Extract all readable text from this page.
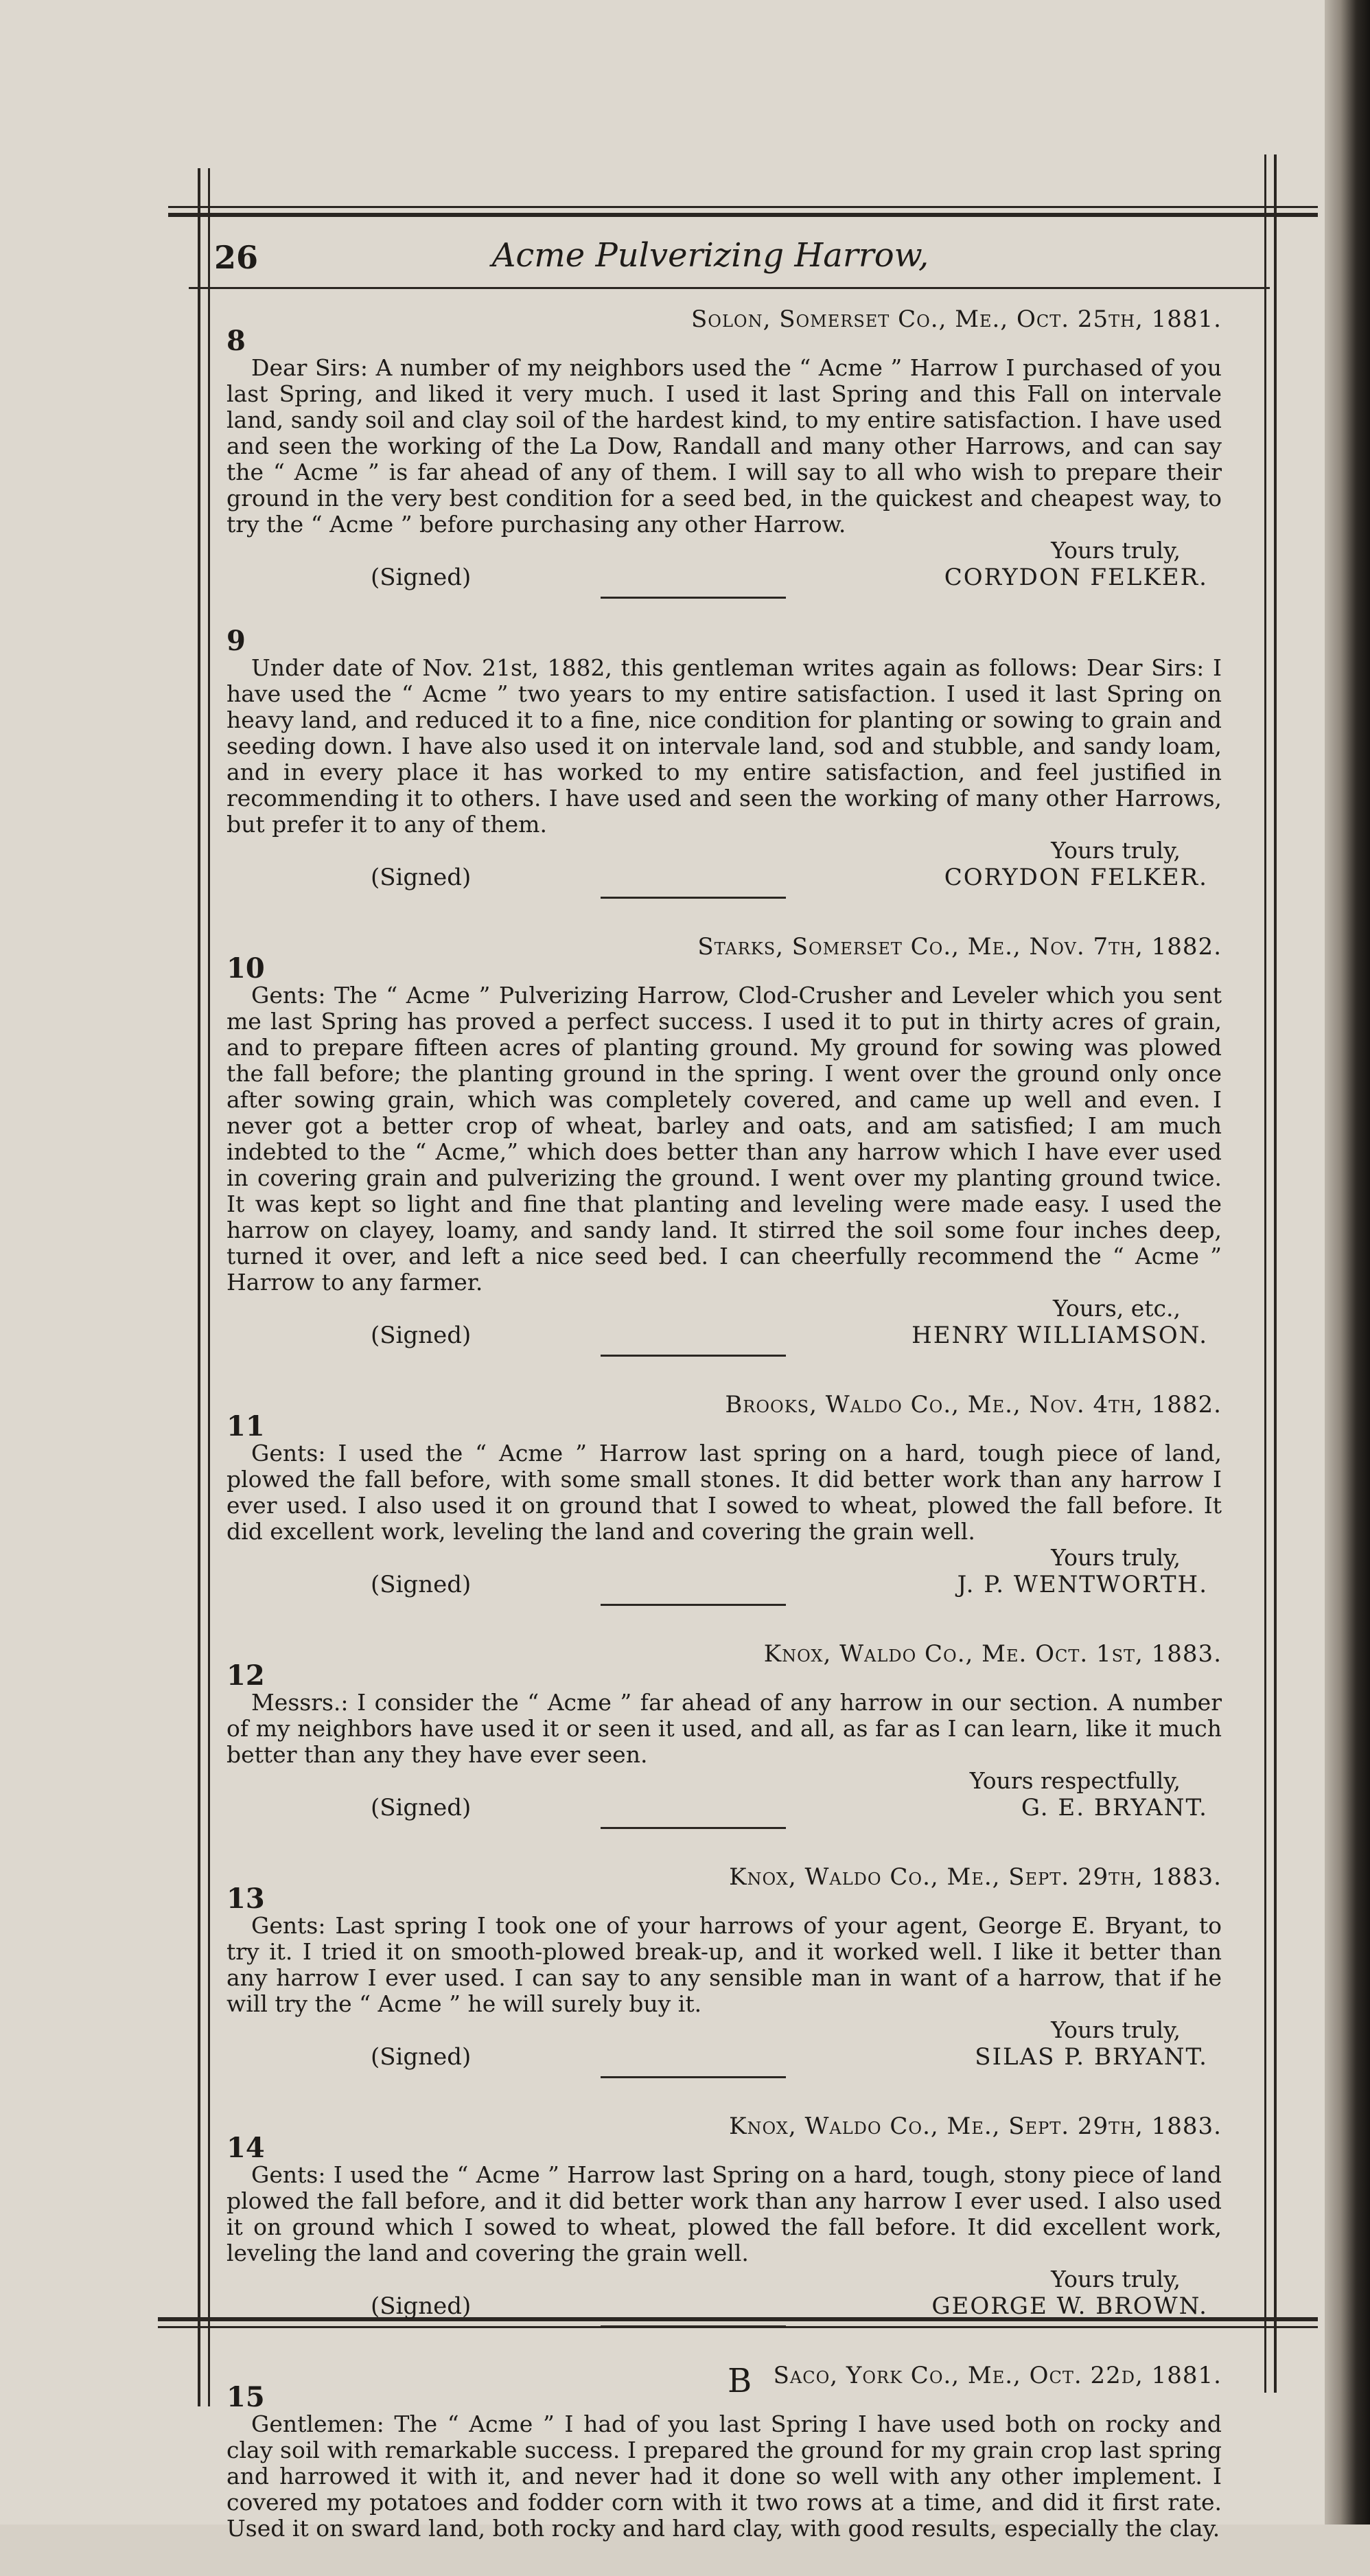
26	Acme Pulverizing Harrow,
Solon, Somerset Co., Me., Oct. 25th, 1881.
8

Dear Sirs: A number of my neighbors used the “ Acme ” Harrow I purchased of you last Spring, and liked it very much. I used it last Spring and this Fall on intervale land, sandy soil and clay soil of the hardest kind, to my entire satisfaction. I have used and seen the working of the La Dow, Randall and many other Harrows, and can say the “ Acme ” is far ahead of any of them. I will say to all who wish to prepare their ground in the very best condition for a seed bed, in the quickest and cheapest way, to try the “ Acme ” before purchasing any other Harrow.

Yours truly,
(Signed)	CORYDON FELKER.
9

Under date of Nov. 21st, 1882, this gentleman writes again as follows: Dear Sirs: I have used the “ Acme ” two years to my entire satisfaction. I used it last Spring on heavy land, and reduced it to a fine, nice condition for planting or sowing to grain and seeding down. I have also used it on intervale land, sod and stubble, and sandy loam, and in every place it has worked to my entire satisfaction, and feel justified in recommending it to others. I have used and seen the working of many other Harrows, but prefer it to any of them.

Yours truly,
(Signed)	CORYDON FELKER.
Starks, Somerset Co., Me., Nov. 7th, 1882.
10

Gents: The “ Acme ” Pulverizing Harrow, Clod-Crusher and Leveler which you sent me last Spring has proved a perfect success. I used it to put in thirty acres of grain, and to prepare fifteen acres of planting ground. My ground for sowing was plowed the fall before; the planting ground in the spring. I went over the ground only once after sowing grain, which was completely covered, and came up well and even. I never got a better crop of wheat, barley and oats, and am satisfied; I am much indebted to the “ Acme,” which does better than any harrow which I have ever used in covering grain and pulverizing the ground. I went over my planting ground twice. It was kept so light and fine that planting and leveling were made easy. I used the harrow on clayey, loamy, and sandy land. It stirred the soil some four inches deep, turned it over, and left a nice seed bed. I can cheerfully recommend the “ Acme ” Harrow to any farmer.

Yours, etc.,
(Signed)	HENRY WILLIAMSON.
Brooks, Waldo Co., Me., Nov. 4th, 1882.
11

Gents: I used the “ Acme ” Harrow last spring on a hard, tough piece of land, plowed the fall before, with some small stones. It did better work than any harrow I ever used. I also used it on ground that I sowed to wheat, plowed the fall before. It did excellent work, leveling the land and covering the grain well.

Yours truly,
(Signed)	J. P. WENTWORTH.
Knox, Waldo Co., Me. Oct. 1st, 1883.
12

Messrs.: I consider the “ Acme ” far ahead of any harrow in our section. A number of my neighbors have used it or seen it used, and all, as far as I can learn, like it much better than any they have ever seen.

Yours respectfully,
(Signed)	G. E. BRYANT.
Knox, Waldo Co., Me., Sept. 29th, 1883.
13

Gents: Last spring I took one of your harrows of your agent, George E. Bryant, to try it. I tried it on smooth-plowed break-up, and it worked well. I like it better than any harrow I ever used. I can say to any sensible man in want of a harrow, that if he will try the “ Acme ” he will surely buy it.

Yours truly,
(Signed)	SILAS P. BRYANT.
Knox, Waldo Co., Me., Sept. 29th, 1883.
14

Gents: I used the “ Acme ” Harrow last Spring on a hard, tough, stony piece of land plowed the fall before, and it did better work than any harrow I ever used. I also used it on ground which I sowed to wheat, plowed the fall before. It did excellent work, leveling the land and covering the grain well.

Yours truly,
(Signed)	GEORGE W. BROWN.
Saco, York Co., Me., Oct. 22d, 1881.
15

Gentlemen: The “ Acme ” I had of you last Spring I have used both on rocky and clay soil with remarkable success. I prepared the ground for my grain crop last spring and harrowed it with it, and never had it done so well with any other implement. I covered my potatoes and fodder corn with it two rows at a time, and did it first rate. Used it on sward land, both rocky and hard clay, with good results, especially the clay.

B
